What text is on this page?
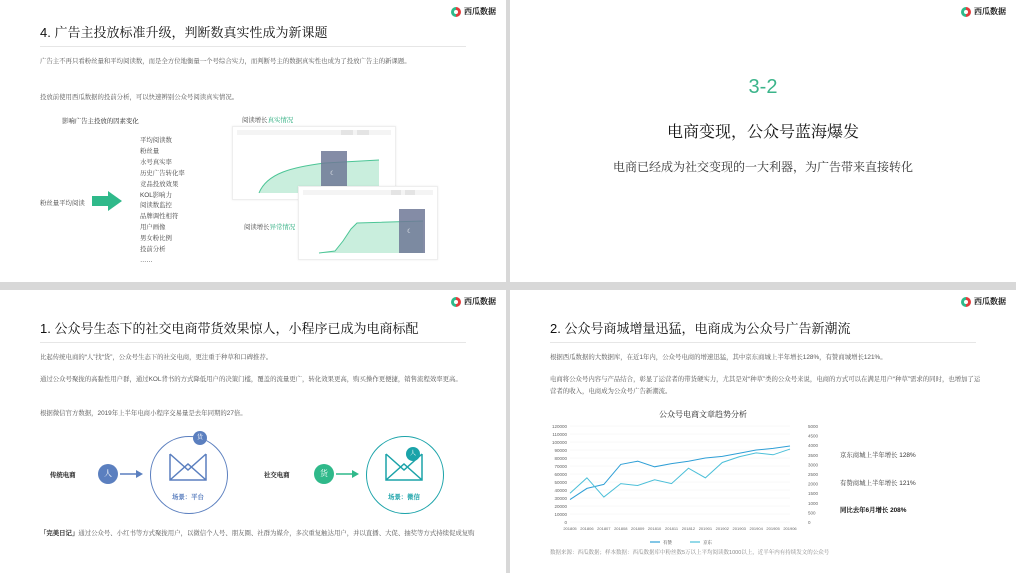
西瓜数据
4. 广告主投放标准升级，判断数真实性成为新课题
广告主不再只看粉丝量和平均阅读数，而是全方位地衡量一个号综合实力，而判断号主的数据真实性也成为了投放广告主的新课题。
投放前使用西瓜数据的投前分析，可以快速辨别公众号阅读真实情况。
影响广告主投放的因素变化
粉丝量平均阅读
平均阅读数
粉丝量
水号真实率
历史广告转化率
竞品投放效果
KOL影响力
阅读数监控
品牌调性相符
用户画像
男女粉比例
投前分析
……
阅读增长真实情况
☾
☾
阅读增长异常情况
西瓜数据
3-2
电商变现，公众号蓝海爆发
电商已经成为社交变现的一大利器，为广告带来直接转化
西瓜数据
1. 公众号生态下的社交电商带货效果惊人，小程序已成为电商标配
比起传统电商的“人”找“货”，公众号生态下的社交电商，更注重于种草和口碑推荐。
通过公众号聚拢的高黏性用户群，通过KOL背书的方式降低用户的决策门槛，覆盖的流量更广，转化效果更高，购买操作更便捷，销售流程效率更高。
根据微信官方数据，2019年上半年电商小程序交易量是去年同期的27倍。
传统电商	人
货
场景：平台
社交电商	货
人
场景：微信
「完美日记」通过公众号、小红书等方式聚拢用户，以微信个人号、朋友圈、社群为媒介，多次重复触达用户，并以直播、大促、抽奖等方式持续促成复购
西瓜数据
2. 公众号商城增量迅猛，电商成为公众号广告新潮流
根据西瓜数据的大数据库，在近1年内，公众号电商的增速迅猛，其中京东商城上半年增长128%，有赞商城增长121%。
电商将公众号内容与产品结合，彰显了运营者的带货硬实力，尤其是对“种草”类的公众号来说，电商的方式可以在满足用户“种草”需求的同时，也增加了运营者的收入，电商成为公众号广告新潮流。
公众号电商文章趋势分析
0
10000
20000
30000
40000
50000
60000
70000
80000
90000
100000
110000
120000
0
500
1000
1500
2000
2500
3000
3500
4000
4500
5000
201805 201806 201807 201808 201809 201810 201811 201812 201901 201902 201903 201904 201905 201906
有赞	京东
京东商城上半年增长 128%
有赞商城上半年增长 121%
同比去年6月增长 208%
数据来源：西瓜数据；样本数据：西瓜数据库中粉丝数5万以上平均阅读数1000以上，近半年内有持续发文的公众号
